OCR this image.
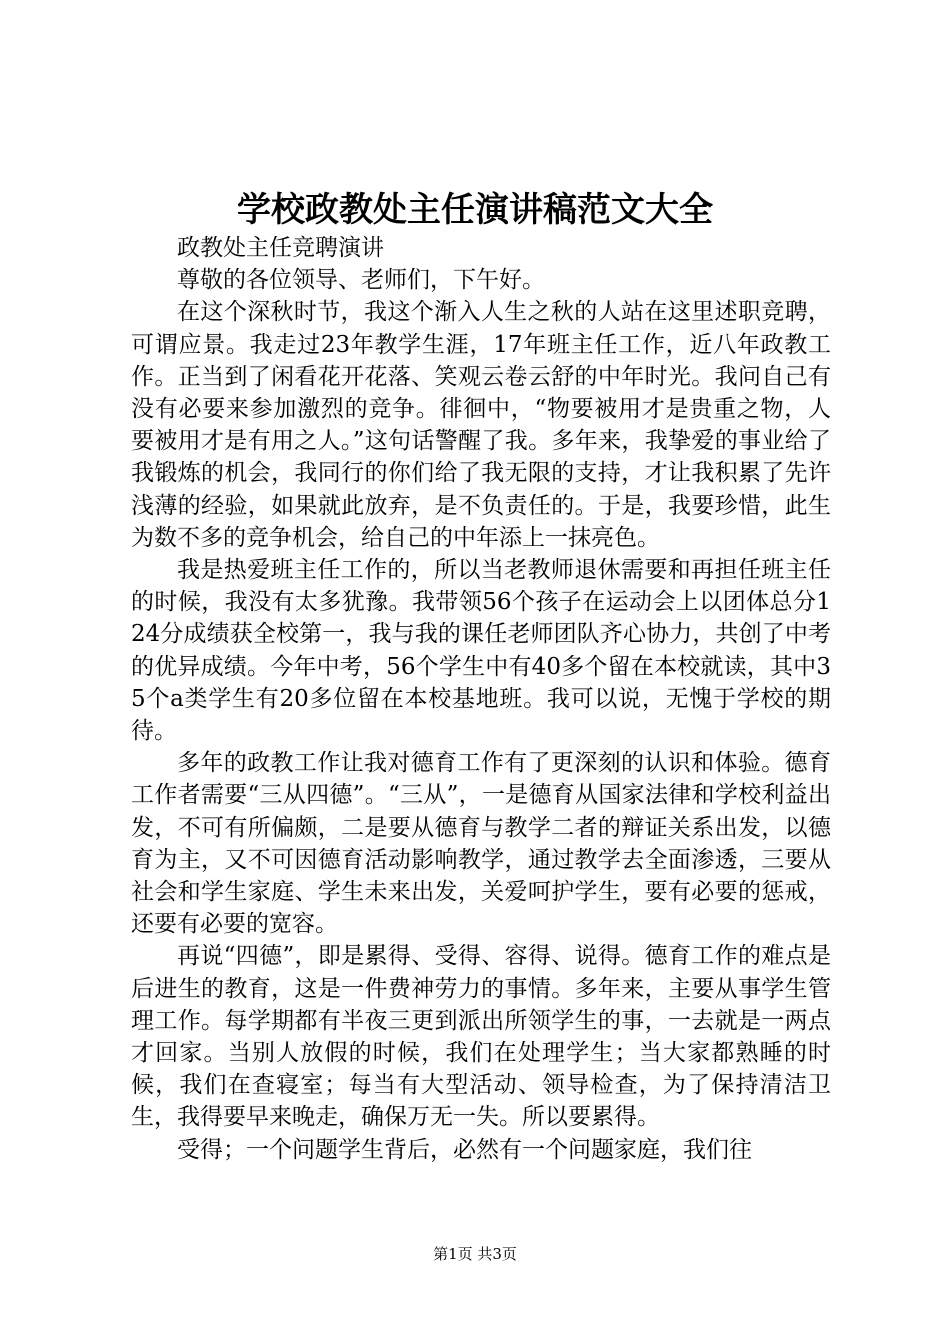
学校政教处主任演讲稿范文大全

政教处主任竞聘演讲

尊敬的各位领导、老师们，下午好。

在这个深秋时节，我这个渐入人生之秋的人站在这里述职竞聘，可谓应景。我走过23年教学生涯，17年班主任工作，近八年政教工作。正当到了闲看花开花落、笑观云卷云舒的中年时光。我问自己有没有必要来参加激烈的竞争。徘徊中，“物要被用才是贵重之物，人要被用才是有用之人。”这句话警醒了我。多年来，我挚爱的事业给了我锻炼的机会，我同行的你们给了我无限的支持，才让我积累了先许浅薄的经验，如果就此放弃，是不负责任的。于是，我要珍惜，此生为数不多的竞争机会，给自己的中年添上一抹亮色。

我是热爱班主任工作的，所以当老教师退休需要和再担任班主任的时候，我没有太多犹豫。我带领56个孩子在运动会上以团体总分124分成绩获全校第一，我与我的课任老师团队齐心协力，共创了中考的优异成绩。今年中考，56个学生中有40多个留在本校就读，其中35个a类学生有20多位留在本校基地班。我可以说，无愧于学校的期待。

多年的政教工作让我对德育工作有了更深刻的认识和体验。德育工作者需要“三从四德”。“三从”，一是德育从国家法律和学校利益出发，不可有所偏颇，二是要从德育与教学二者的辩证关系出发，以德育为主，又不可因德育活动影响教学，通过教学去全面渗透，三要从社会和学生家庭、学生未来出发，关爱呵护学生，要有必要的惩戒，还要有必要的宽容。

再说“四德”，即是累得、受得、容得、说得。德育工作的难点是后进生的教育，这是一件费神劳力的事情。多年来，主要从事学生管理工作。每学期都有半夜三更到派出所领学生的事，一去就是一两点才回家。当别人放假的时候，我们在处理学生；当大家都熟睡的时候，我们在查寝室；每当有大型活动、领导检查，为了保持清洁卫生，我得要早来晚走，确保万无一失。所以要累得。

受得；一个问题学生背后，必然有一个问题家庭，我们往

第1页 共3页
